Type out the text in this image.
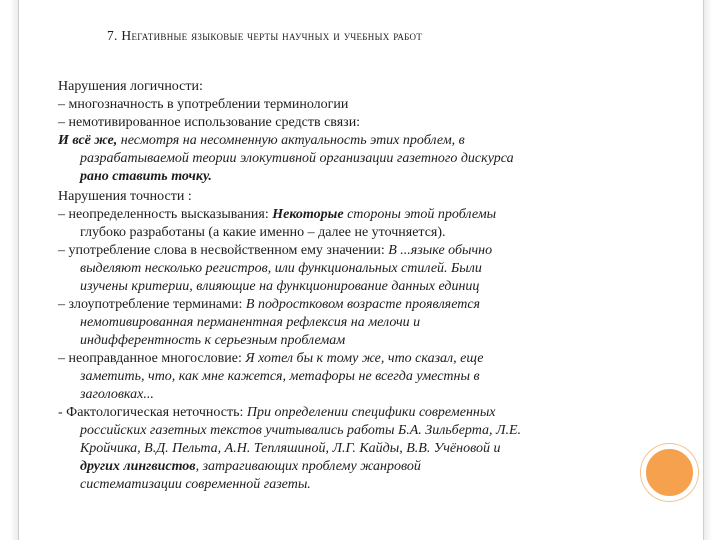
7. Негативные языковые черты научных и учебных работ
Нарушения логичности:
– многозначность в употреблении терминологии
– немотивированное использование средств связи:
И всё же, несмотря на несомненную актуальность этих проблем, в
разрабатываемой теории элокутивной организации газетного дискурса
рано ставить точку.
Нарушения точности :
– неопределенность высказывания: Некоторые стороны этой проблемы
глубоко разработаны (а какие именно – далее не уточняется).
– употребление слова в несвойственном ему значении: В ...языке обычно
выделяют несколько регистров, или функциональных стилей. Были
изучены критерии, влияющие на функционирование данных единиц
– злоупотребление терминами: В подростковом возрасте проявляется
немотивированная перманентная рефлексия на мелочи и
индифферентность к серьезным проблемам
– неоправданное многословие: Я хотел бы к тому же, что сказал, еще
заметить, что, как мне кажется, метафоры не всегда уместны в
заголовках...
- Фактологическая неточность: При определении специфики современных
российских газетных текстов учитывались работы Б.А. Зильберта, Л.Е.
Кройчика, В.Д. Пельта, А.Н. Тепляшиной, Л.Г. Кайды, В.В. Учёновой и
других лингвистов, затрагивающих проблему жанровой
систематизации современной газеты.
